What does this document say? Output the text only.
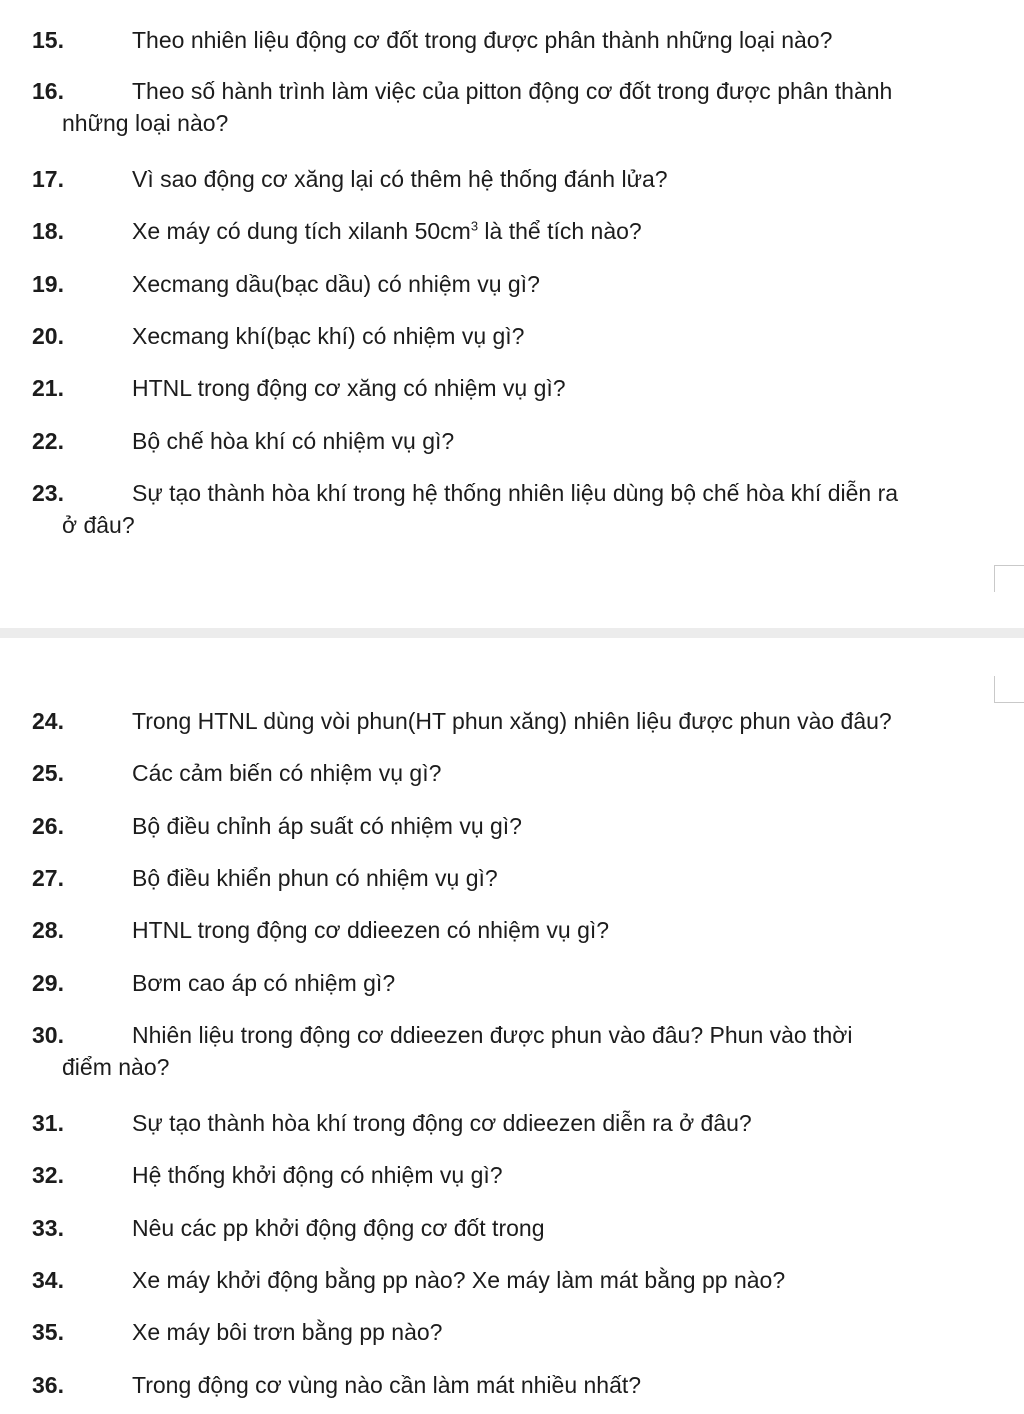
15.	Theo nhiên liệu động cơ đốt trong được phân thành những loại nào?
16.	Theo số hành trình làm việc của pitton động cơ đốt trong được phân thành
những loại nào?
17.	Vì sao động cơ xăng lại có thêm hệ thống đánh lửa?
18.	Xe máy có dung tích xilanh $50cm^3$ là thể tích nào?
19.	Xecmang dầu(bạc dầu) có nhiệm vụ gì?
20.	Xecmang khí(bạc khí) có nhiệm vụ gì?
21.	HTNL trong động cơ xăng có nhiệm vụ gì?
22.	Bộ chế hòa khí có nhiệm vụ gì?
23.	Sự tạo thành hòa khí trong hệ thống nhiên liệu dùng bộ chế hòa khí diễn ra
ở đâu?
24.	Trong HTNL dùng vòi phun(HT phun xăng) nhiên liệu được phun vào đâu?
25.	Các cảm biến có nhiệm vụ gì?
26.	Bộ điều chỉnh áp suất có nhiệm vụ gì?
27.	Bộ điều khiển phun có nhiệm vụ gì?
28.	HTNL trong động cơ ddieezen có nhiệm vụ gì?
29.	Bơm cao áp có nhiệm gì?
30.	Nhiên liệu trong động cơ ddieezen được phun vào đâu? Phun vào thời
điểm nào?
31.	Sự tạo thành hòa khí trong động cơ ddieezen diễn ra ở đâu?
32.	Hệ thống khởi động có nhiệm vụ gì?
33.	Nêu các pp khởi động động cơ đốt trong
34.	Xe máy khởi động bằng pp nào? Xe máy làm mát bằng pp nào?
35.	Xe máy bôi trơn bằng pp nào?
36.	Trong động cơ vùng nào cần làm mát nhiều nhất?
